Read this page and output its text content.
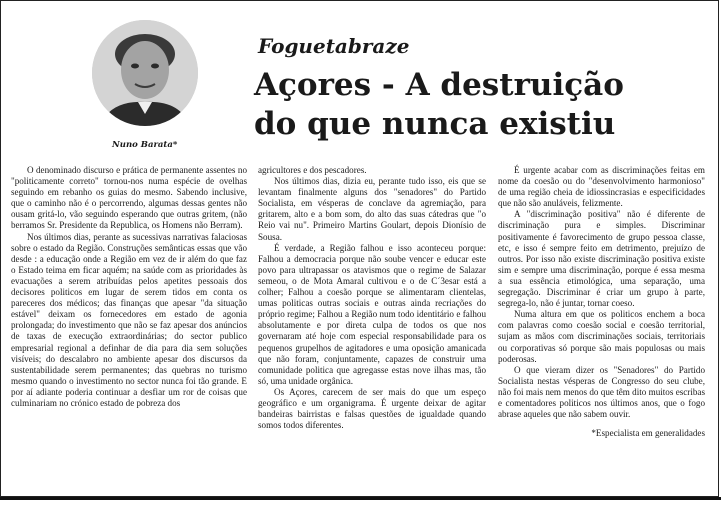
Nuno Barata*
Foguetabraze
Açores - A destruição
do que nunca existiu

O denominado discurso e prática de permanente assentes no "politicamente correto" tornou-nos numa espécie de ovelhas seguindo em rebanho os guias do mesmo. Sabendo inclusive, que o caminho não é o percorrendo, algumas dessas gentes não ousam gritá-lo, vão seguindo esperando que outras gritem, (não berramos Sr. Presidente da Republica, os Homens não Berram).

Nos últimos dias, perante as sucessivas narrativas falaciosas sobre o estado da Região. Construções semânticas essas que vão desde : a educação onde a Região em vez de ir além do que faz o Estado teima em ficar aquém; na saúde com as prioridades às evacuações a serem atribuídas pelos apetites pessoais dos decisores politicos em lugar de serem tidos em conta os pareceres dos médicos; das finanças que apesar "da situação estável" deixam os fornecedores em estado de agonia prolongada; do investimento que não se faz apesar dos anúncios de taxas de execução extraordinárias; do sector publico empresarial regional a definhar de dia para dia sem soluções visíveis; do descalabro no ambiente apesar dos discursos da sustentabilidade serem permanentes; das quebras no turismo mesmo quando o investimento no sector nunca foi tão grande. E por aí adiante poderia continuar a desfiar um ror de coisas que culminariam no crónico estado de pobreza dos

agricultores e dos pescadores.

Nos últimos dias, dizia eu, perante tudo isso, eis que se levantam finalmente alguns dos "senadores" do Partido Socialista, em vésperas de conclave da agremiação, para gritarem, alto e a bom som, do alto das suas cátedras que "o Reio vai nu". Primeiro Martins Goulart, depois Dionísio de Sousa.

É verdade, a Região falhou e isso aconteceu porque: Falhou a democracia porque não soube vencer e educar este povo para ultrapassar os atavismos que o regime de Salazar semeou, o de Mota Amaral cultivou e o de C´3esar está a colher; Falhou a coesão porque se alimentaram clientelas, umas politicas outras sociais e outras ainda recriações do próprio regime; Falhou a Região num todo identitário e falhou absolutamente e por direta culpa de todos os que nos governaram até hoje com especial responsabilidade para os pequenos grupelhos de agitadores e uma oposição amanicada que não foram, conjuntamente, capazes de construir uma comunidade politica que agregasse estas nove ilhas mas, tão só, uma unidade orgânica.

Os Açores, carecem de ser mais do que um espeço geográfico e um organigrama. É urgente deixar de agitar bandeiras bairristas e falsas questões de igualdade quando somos todos diferentes.

É urgente acabar com as discriminações feitas em nome da coesão ou do "desenvolvimento harmonioso" de uma região cheia de idiossincrasias e especificidades que não são anuláveis, felizmente.

A "discriminação positiva" não é diferente de discriminação pura e simples. Discriminar positivamente é favorecimento de grupo pessoa classe, etc, e isso é sempre feito em detrimento, prejuízo de outros. Por isso não existe discriminação positiva existe sim e sempre uma discriminação, porque é essa mesma a sua essência etimológica, uma separação, uma segregação. Discriminar é criar um grupo à parte, segrega-lo, não é juntar, tornar coeso.

Numa altura em que os politicos enchem a boca com palavras como coesão social e coesão territorial, sujam as mãos com discriminações sociais, territoriais ou corporativas só porque são mais populosas ou mais poderosas.

O que vieram dizer os "Senadores" do Partido Socialista nestas vésperas de Congresso do seu clube, não foi mais nem menos do que têm dito muitos escribas e comentadores politicos nos últimos anos, que o fogo abrase aqueles que não sabem ouvir.

*Especialista em generalidades
